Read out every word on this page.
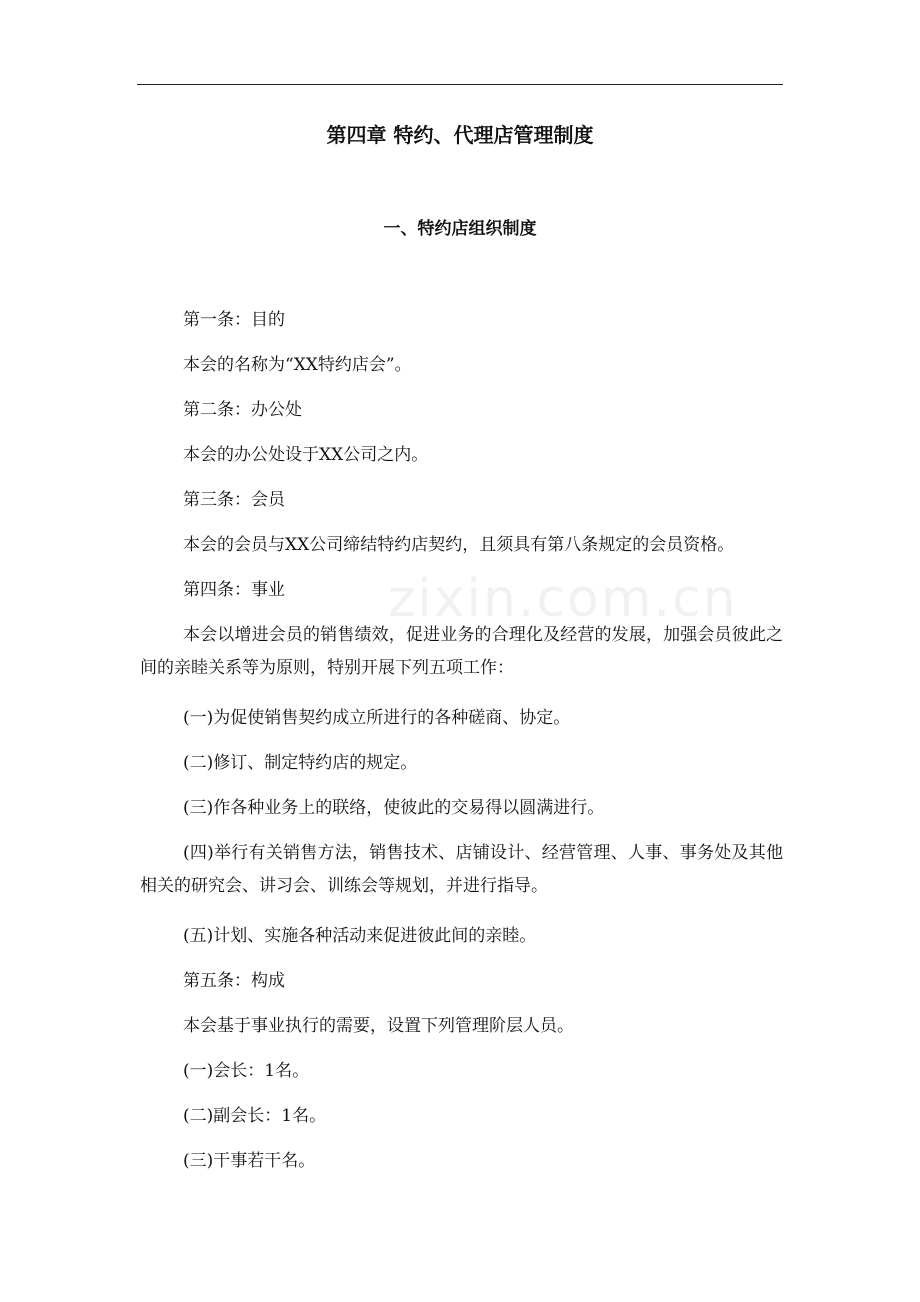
第四章 特约、代理店管理制度
一、特约店组织制度
zixin.com.cn
第一条：目的
本会的名称为“XX特约店会”。
第二条：办公处
本会的办公处设于XX公司之内。
第三条：会员
本会的会员与XX公司缔结特约店契约，且须具有第八条规定的会员资格。
第四条：事业
本会以增进会员的销售绩效，促进业务的合理化及经营的发展，加强会员彼此之间的亲睦关系等为原则，特别开展下列五项工作：
(一)为促使销售契约成立所进行的各种磋商、协定。
(二)修订、制定特约店的规定。
(三)作各种业务上的联络，使彼此的交易得以圆满进行。
(四)举行有关销售方法，销售技术、店铺设计、经营管理、人事、事务处及其他相关的研究会、讲习会、训练会等规划，并进行指导。
(五)计划、实施各种活动来促进彼此间的亲睦。
第五条：构成
本会基于事业执行的需要，设置下列管理阶层人员。
(一)会长：1名。
(二)副会长：1名。
(三)干事若干名。
